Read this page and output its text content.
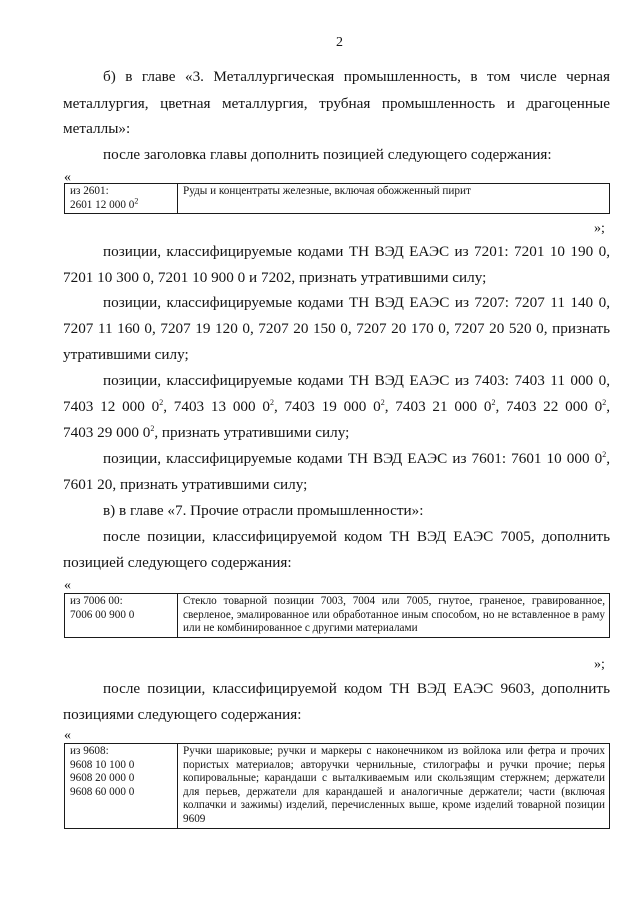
2
б) в главе «3. Металлургическая промышленность, в том числе черная
металлургия, цветная металлургия, трубная промышленность и драгоценные
металлы»:
после заголовка главы дополнить позицией следующего содержания:
«
из 2601:
2601 12 000 $0^2$
	Руды и концентраты железные, включая обожженный пирит
»;
позиции, классифицируемые кодами ТН ВЭД ЕАЭС из 7201: 7201 10 190 0,
7201 10 300 0, 7201 10 900 0 и 7202, признать утратившими силу;
позиции, классифицируемые кодами ТН ВЭД ЕАЭС из 7207: 7207 11 140 0,
7207 11 160 0, 7207 19 120 0, 7207 20 150 0, 7207 20 170 0, 7207 20 520 0, признать
утратившими силу;
позиции, классифицируемые кодами ТН ВЭД ЕАЭС из 7403: 7403 11 000 0,
7403 12 000 $0^2$, 7403 13 000 $0^2$, 7403 19 000 $0^2$, 7403 21 000 $0^2$, 7403 22 000 $0^2$,
7403 29 000 $0^2$, признать утратившими силу;
позиции, классифицируемые кодами ТН ВЭД ЕАЭС из 7601: 7601 10 000 $0^2$,
7601 20, признать утратившими силу;
в) в главе «7. Прочие отрасли промышленности»:
после позиции, классифицируемой кодом ТН ВЭД ЕАЭС 7005, дополнить
позицией следующего содержания:
«
из 7006 00:
7006 00 900 0
	Стекло товарной позиции 7003, 7004 или 7005, гнутое, граненое, гравированное, сверленое, эмалированное или обработанное иным способом, но не вставленное в раму или не комбинированное с другими материалами
»;
после позиции, классифицируемой кодом ТН ВЭД ЕАЭС 9603, дополнить
позициями следующего содержания:
«
из 9608:
9608 10 100 0
9608 20 000 0
9608 60 000 0
	Ручки шариковые; ручки и маркеры с наконечником из войлока или фетра и прочих пористых материалов; авторучки чернильные, стилографы и ручки прочие; перья копировальные; карандаши с выталкиваемым или скользящим стержнем; держатели для перьев, держатели для карандашей и аналогичные держатели; части (включая колпачки и зажимы) изделий, перечисленных выше, кроме изделий товарной позиции 9609
